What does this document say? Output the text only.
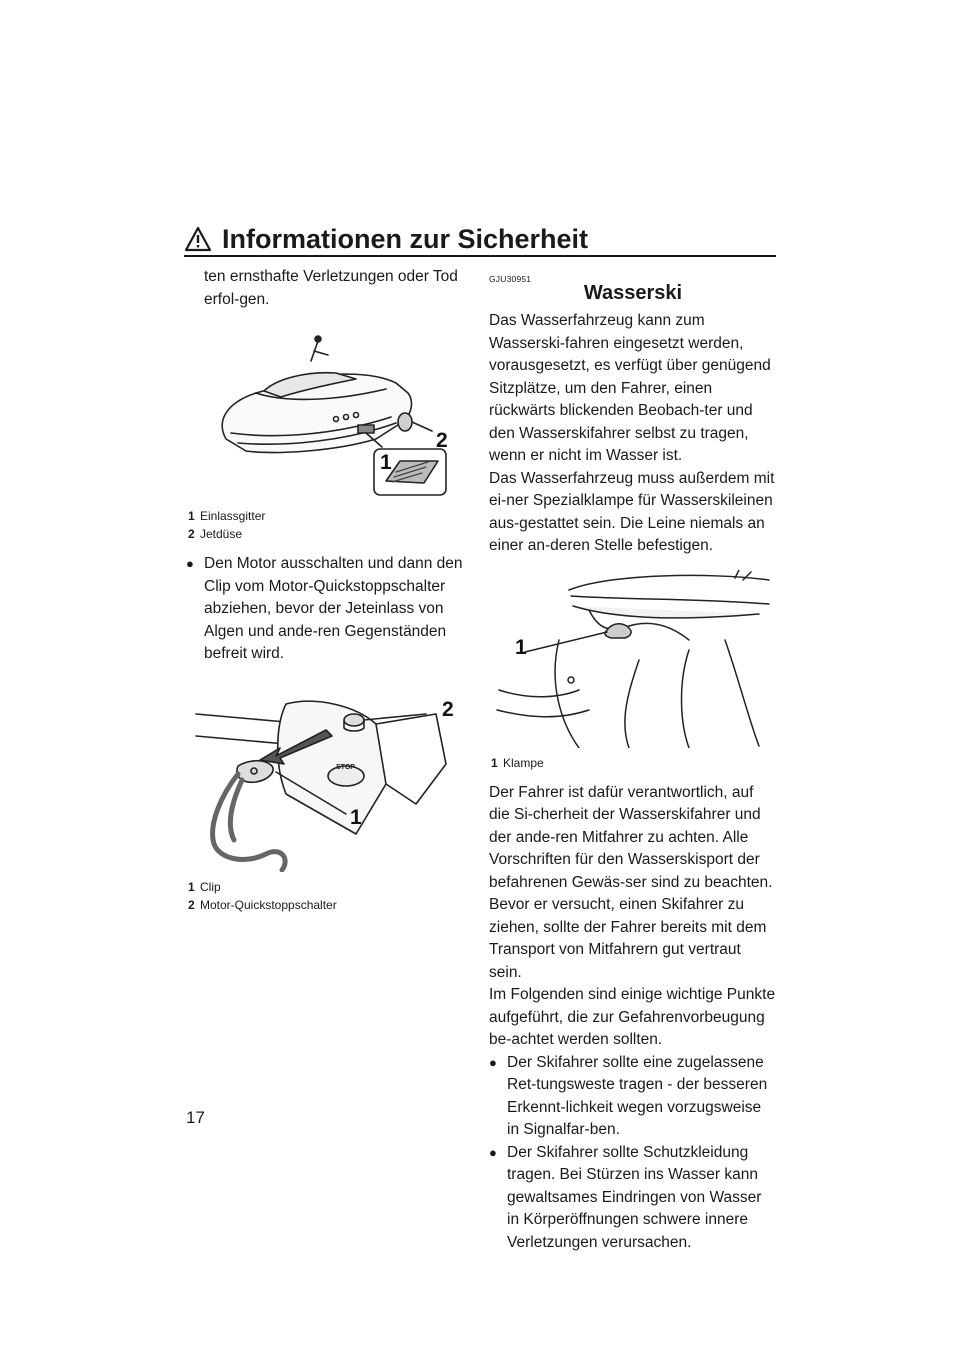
Informationen zur Sicherheit

ten ernsthafte Verletzungen oder Tod erfol-gen.

2
1
1 Einlassgitter
2 Jetdüse
● Den Motor ausschalten und dann den Clip vom Motor-Quickstoppschalter abziehen, bevor der Jeteinlass von Algen und ande-ren Gegenständen befreit wird.
2
1
STOP
1 Clip
2 Motor-Quickstoppschalter
GJU30951
Wasserski

Das Wasserfahrzeug kann zum Wasserski-fahren eingesetzt werden, vorausgesetzt, es verfügt über genügend Sitzplätze, um den Fahrer, einen rückwärts blickenden Beobach-ter und den Wasserskifahrer selbst zu tragen, wenn er nicht im Wasser ist.

Das Wasserfahrzeug muss außerdem mit ei-ner Spezialklampe für Wasserskileinen aus-gestattet sein. Die Leine niemals an einer an-deren Stelle befestigen.

1
1 Klampe

Der Fahrer ist dafür verantwortlich, auf die Si-cherheit der Wasserskifahrer und der ande-ren Mitfahrer zu achten. Alle Vorschriften für den Wasserskisport der befahrenen Gewäs-ser sind zu beachten.

Bevor er versucht, einen Skifahrer zu ziehen, sollte der Fahrer bereits mit dem Transport von Mitfahrern gut vertraut sein.

Im Folgenden sind einige wichtige Punkte aufgeführt, die zur Gefahrenvorbeugung be-achtet werden sollten.

● Der Skifahrer sollte eine zugelassene Ret-tungsweste tragen - der besseren Erkennt-lichkeit wegen vorzugsweise in Signalfar-ben.
● Der Skifahrer sollte Schutzkleidung tragen. Bei Stürzen ins Wasser kann gewaltsames Eindringen von Wasser in Körperöffnungen schwere innere Verletzungen verursachen.
17
